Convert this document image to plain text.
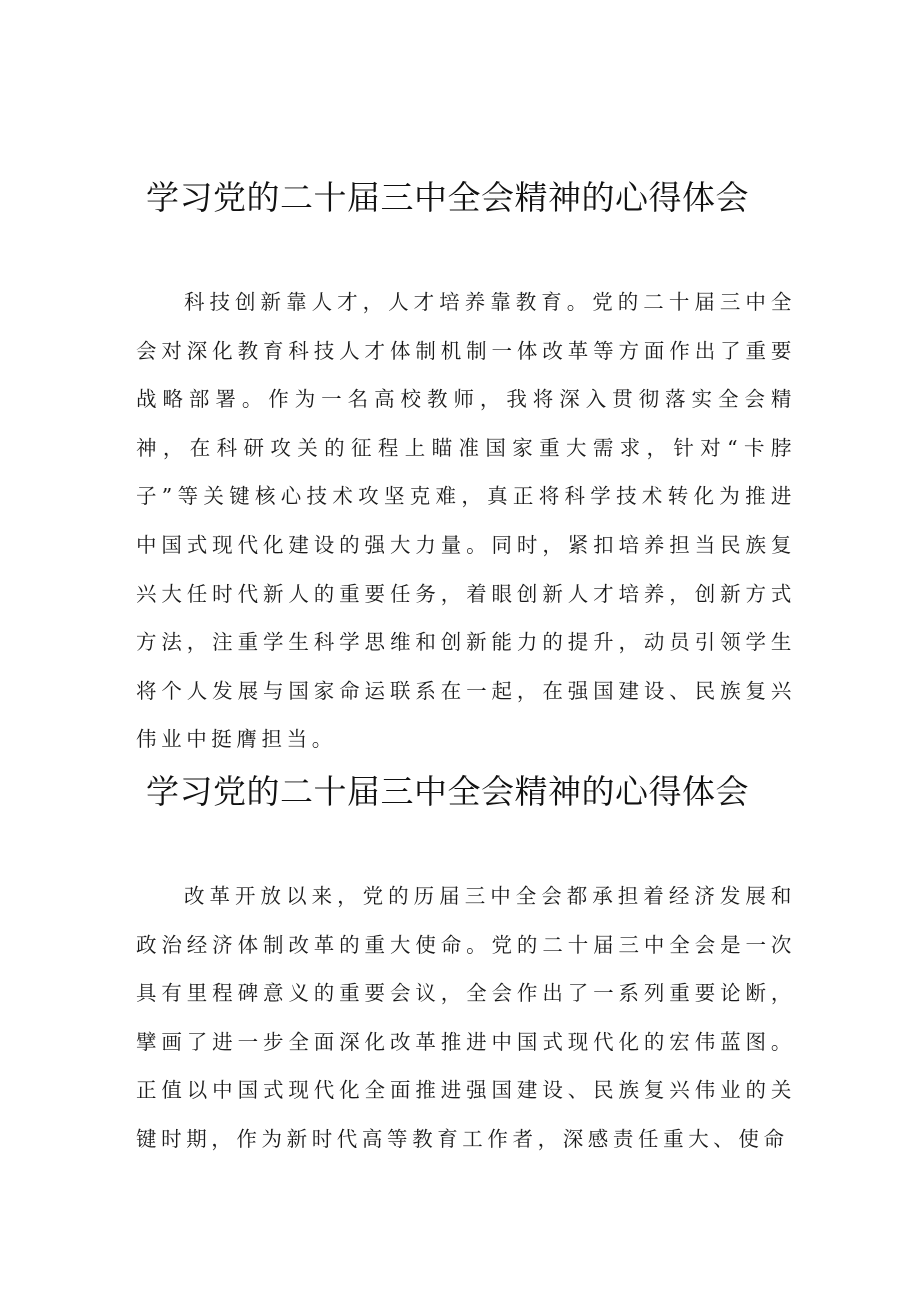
学习党的二十届三中全会精神的心得体会

科技创新靠人才，人才培养靠教育。党的二十届三中全会对深化教育科技人才体制机制一体改革等方面作出了重要战略部署。作为一名高校教师，我将深入贯彻落实全会精神，在科研攻关的征程上瞄准国家重大需求，针对“卡脖子”等关键核心技术攻坚克难，真正将科学技术转化为推进中国式现代化建设的强大力量。同时，紧扣培养担当民族复兴大任时代新人的重要任务，着眼创新人才培养，创新方式方法，注重学生科学思维和创新能力的提升，动员引领学生将个人发展与国家命运联系在一起，在强国建设、民族复兴伟业中挺膺担当。

学习党的二十届三中全会精神的心得体会

改革开放以来，党的历届三中全会都承担着经济发展和政治经济体制改革的重大使命。党的二十届三中全会是一次具有里程碑意义的重要会议，全会作出了一系列重要论断，擘画了进一步全面深化改革推进中国式现代化的宏伟蓝图。正值以中国式现代化全面推进强国建设、民族复兴伟业的关键时期，作为新时代高等教育工作者，深感责任重大、使命
